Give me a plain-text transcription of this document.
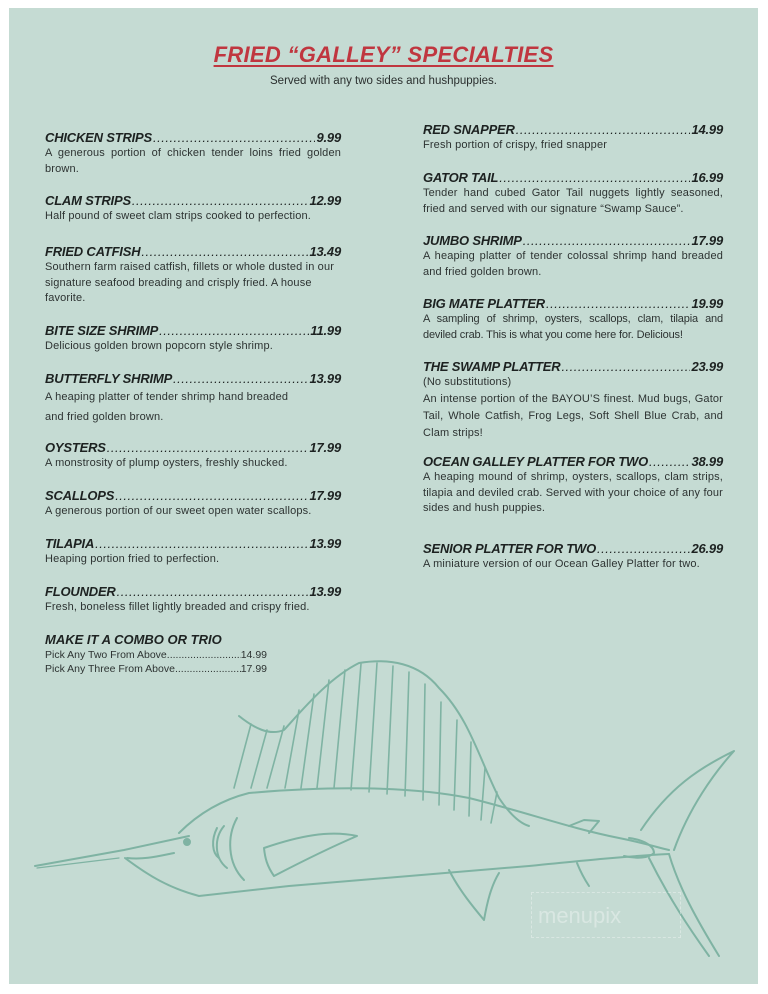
FRIED “GALLEY” SPECIALTIES
Served with any two sides and hushpuppies.
CHICKEN STRIPS .....	9.99
A generous portion of chicken tender loins fried golden brown.
CLAM STRIPS .....	12.99
Half pound of sweet clam strips cooked to perfection.
FRIED CATFISH .....	13.49
Southern farm raised catfish, fillets or whole dusted in our signature seafood breading and crisply fried. A house favorite.
BITE SIZE SHRIMP .....	11.99
Delicious golden brown popcorn style shrimp.
BUTTERFLY SHRIMP .....	13.99
A heaping platter of tender shrimp hand breaded and fried golden brown.
OYSTERS .....	17.99
A monstrosity of plump oysters, freshly shucked.
SCALLOPS .....	17.99
A generous portion of our sweet open water scallops.
TILAPIA .....	13.99
Heaping portion fried to perfection.
FLOUNDER .....	13.99
Fresh, boneless fillet lightly breaded and crispy fried.
MAKE IT A COMBO OR TRIO
Pick Any Two From Above .....	14.99
Pick Any Three From Above .....	17.99
RED SNAPPER .....	14.99
Fresh portion of crispy, fried snapper
GATOR TAIL .....	16.99
Tender hand cubed Gator Tail nuggets lightly seasoned, fried and served with our signature “Swamp Sauce”.
JUMBO SHRIMP .....	17.99
A heaping platter of tender colossal shrimp hand breaded and fried golden brown.
BIG MATE PLATTER .....	19.99
A sampling of shrimp, oysters, scallops, clam, tilapia and deviled crab. This is what you come here for. Delicious!
THE SWAMP PLATTER .....	23.99
(No substitutions)
An intense portion of the BAYOU’S finest. Mud bugs, Gator Tail, Whole Catfish, Frog Legs, Soft Shell Blue Crab, and Clam strips!
OCEAN GALLEY PLATTER FOR TWO .....	38.99
A heaping mound of shrimp, oysters, scallops, clam strips, tilapia and deviled crab. Served with your choice of any four sides and hush puppies.
SENIOR PLATTER FOR TWO .....	26.99
A miniature version of our Ocean Galley Platter for two.
menupix
